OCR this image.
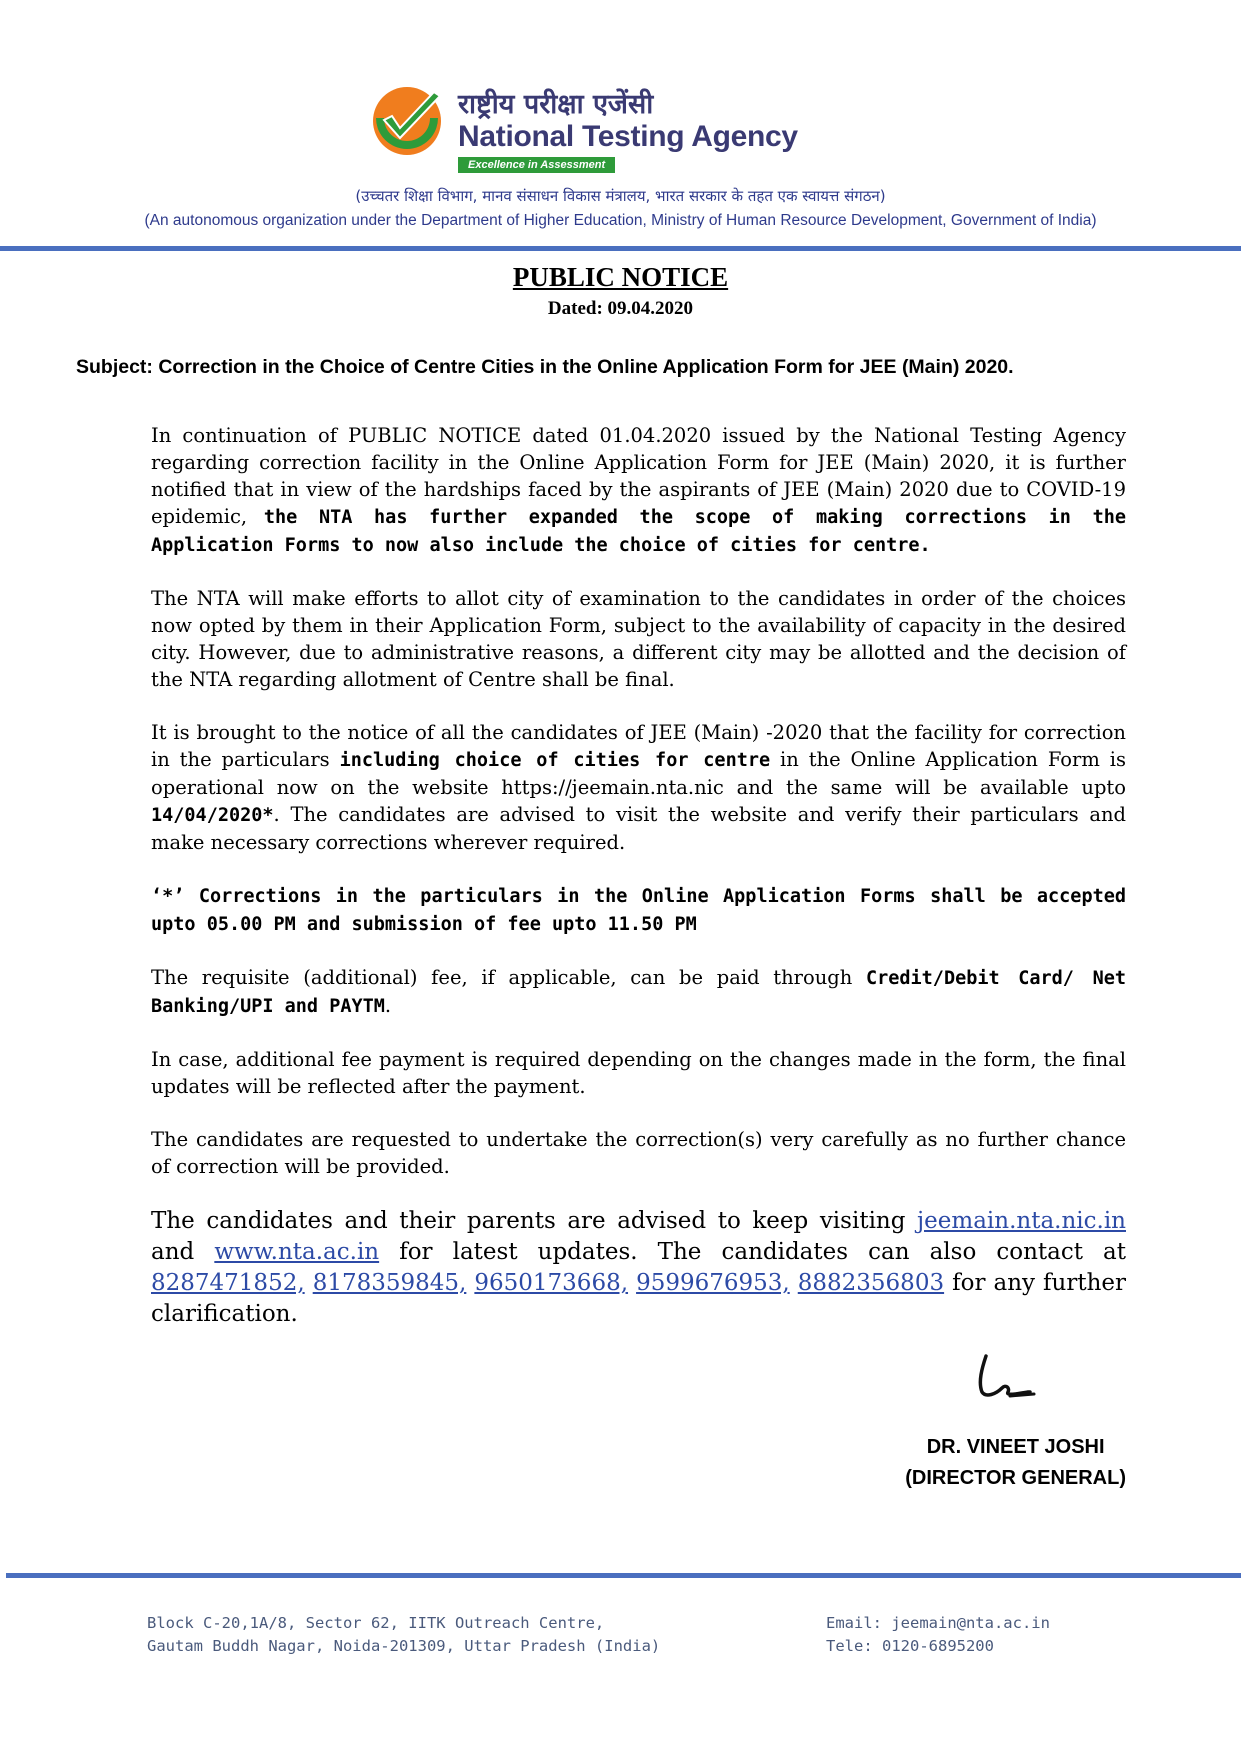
राष्ट्रीय परीक्षा एजेंसी
National Testing Agency
Excellence in Assessment
(उच्चतर शिक्षा विभाग, मानव संसाधन विकास मंत्रालय, भारत सरकार के तहत एक स्वायत्त संगठन)
(An autonomous organization under the Department of Higher Education, Ministry of Human Resource Development, Government of India)
PUBLIC NOTICE
Dated: 09.04.2020
Subject: Correction in the Choice of Centre Cities in the Online Application Form for JEE (Main) 2020.

In continuation of PUBLIC NOTICE dated 01.04.2020 issued by the National Testing Agency regarding correction facility in the Online Application Form for JEE (Main) 2020, it is further notified that in view of the hardships faced by the aspirants of JEE (Main) 2020 due to COVID-19 epidemic, the NTA has further expanded the scope of making corrections in the Application Forms to now also include the choice of cities for centre.

The NTA will make efforts to allot city of examination to the candidates in order of the choices now opted by them in their Application Form, subject to the availability of capacity in the desired city. However, due to administrative reasons, a different city may be allotted and the decision of the NTA regarding allotment of Centre shall be final.

It is brought to the notice of all the candidates of JEE (Main) -2020 that the facility for correction in the particulars including choice of cities for centre in the Online Application Form is operational now on the website https://jeemain.nta.nic and the same will be available upto 14/04/2020*. The candidates are advised to visit the website and verify their particulars and make necessary corrections wherever required.

‘*’ Corrections in the particulars in the Online Application Forms shall be accepted upto 05.00 PM and submission of fee upto 11.50 PM

The requisite (additional) fee, if applicable, can be paid through Credit/Debit Card/ Net Banking/UPI and PAYTM.

In case, additional fee payment is required depending on the changes made in the form, the final updates will be reflected after the payment.

The candidates are requested to undertake the correction(s) very carefully as no further chance of correction will be provided.

The candidates and their parents are advised to keep visiting jeemain.nta.nic.in and www.nta.ac.in for latest updates. The candidates can also contact at 8287471852, 8178359845, 9650173668, 9599676953, 8882356803 for any further clarification.

DR. VINEET JOSHI
(DIRECTOR GENERAL)
Block C-20,1A/8, Sector 62, IITK Outreach Centre,
Gautam Buddh Nagar, Noida-201309, Uttar Pradesh (India)
Email: jeemain@nta.ac.in
Tele: 0120-6895200
